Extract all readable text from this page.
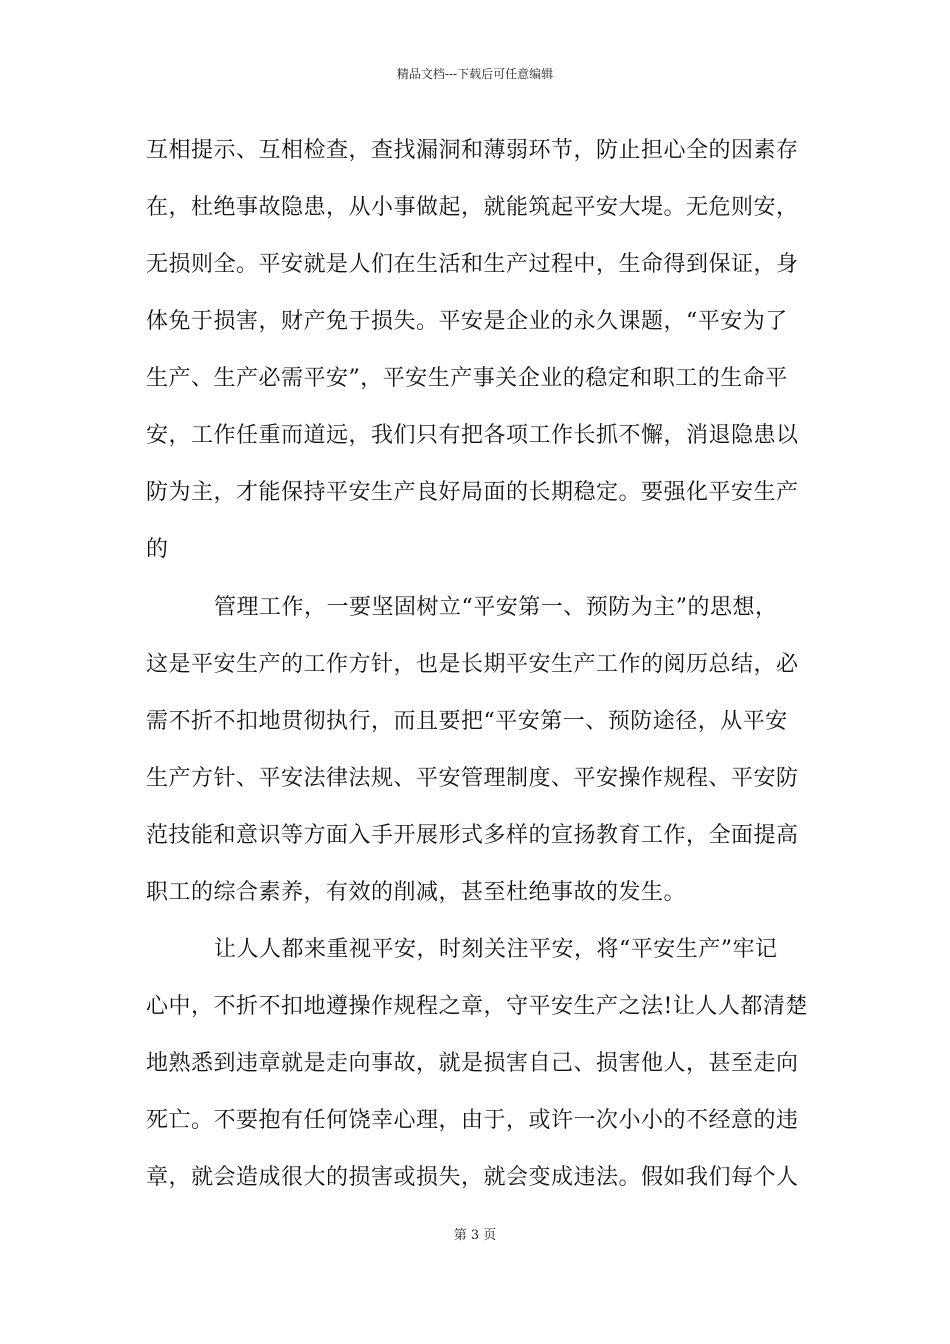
精品文档---下载后可任意编辑
互相提示、互相检查，查找漏洞和薄弱环节，防止担心全的因素存
在，杜绝事故隐患，从小事做起，就能筑起平安大堤。无危则安，
无损则全。平安就是人们在生活和生产过程中，生命得到保证，身
体免于损害，财产免于损失。平安是企业的永久课题，“平安为了
生产、生产必需平安”，平安生产事关企业的稳定和职工的生命平
安，工作任重而道远，我们只有把各项工作长抓不懈，消退隐患以
防为主，才能保持平安生产良好局面的长期稳定。要强化平安生产
的
管理工作，一要坚固树立“平安第一、预防为主”的思想，
这是平安生产的工作方针，也是长期平安生产工作的阅历总结，必
需不折不扣地贯彻执行，而且要把“平安第一、预防途径，从平安
生产方针、平安法律法规、平安管理制度、平安操作规程、平安防
范技能和意识等方面入手开展形式多样的宣扬教育工作，全面提高
职工的综合素养，有效的削减，甚至杜绝事故的发生。
让人人都来重视平安，时刻关注平安，将“平安生产”牢记
心中，不折不扣地遵操作规程之章，守平安生产之法!让人人都清楚
地熟悉到违章就是走向事故，就是损害自己、损害他人，甚至走向
死亡。不要抱有任何饶幸心理，由于，或许一次小小的不经意的违
章，就会造成很大的损害或损失，就会变成违法。假如我们每个人
第 3 页
